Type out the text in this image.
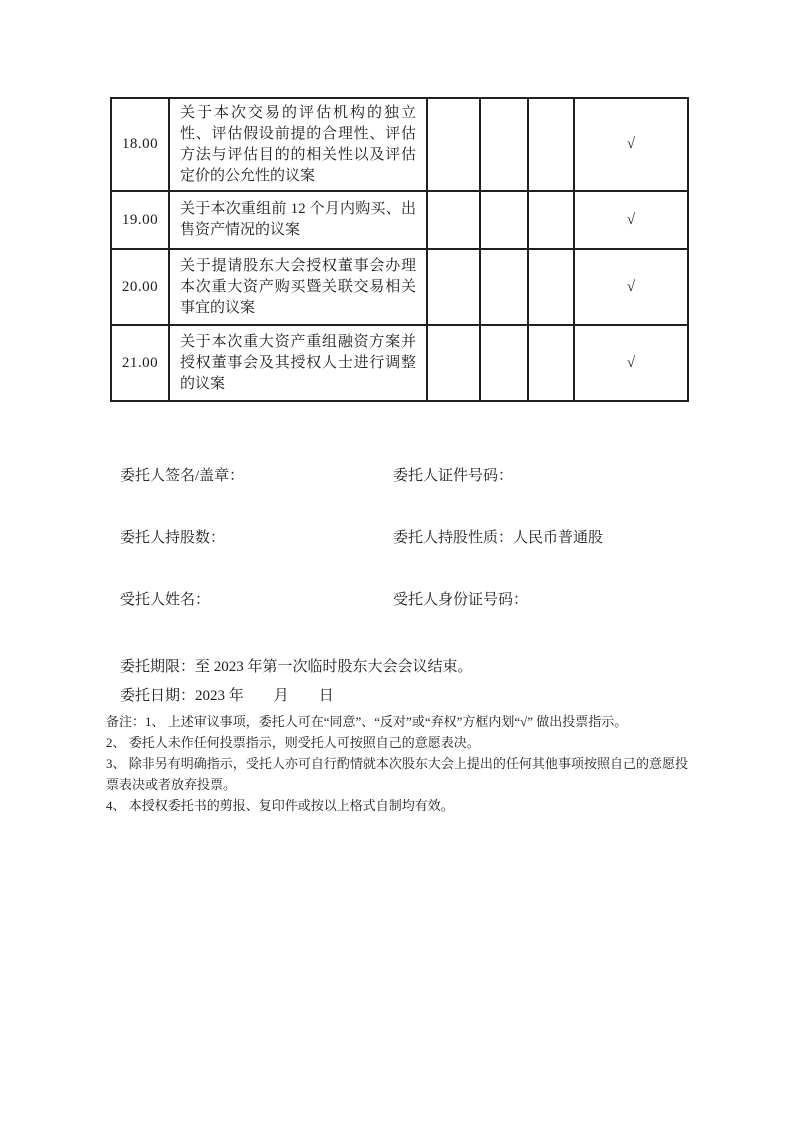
18.00	关于本次交易的评估机构的独立性、评估假设前提的合理性、评估方法与评估目的的相关性以及评估定价的公允性的议案				√
19.00	关于本次重组前 12 个月内购买、出售资产情况的议案				√
20.00	关于提请股东大会授权董事会办理本次重大资产购买暨关联交易相关事宜的议案				√
21.00	关于本次重大资产重组融资方案并授权董事会及其授权人士进行调整的议案				√
委托人签名/盖章：	委托人证件号码：
委托人持股数：	委托人持股性质：人民币普通股
受托人姓名：	受托人身份证号码：
委托期限：至 2023 年第一次临时股东大会会议结束。
委托日期：2023 年　　月　　日

备注：1、 上述审议事项，委托人可在“同意”、“反对”或“弃权”方框内划“√” 做出投票指示。

2、 委托人未作任何投票指示，则受托人可按照自己的意愿表决。

3、 除非另有明确指示，受托人亦可自行酌情就本次股东大会上提出的任何其他事项按照自己的意愿投票表决或者放弃投票。

4、 本授权委托书的剪报、复印件或按以上格式自制均有效。
